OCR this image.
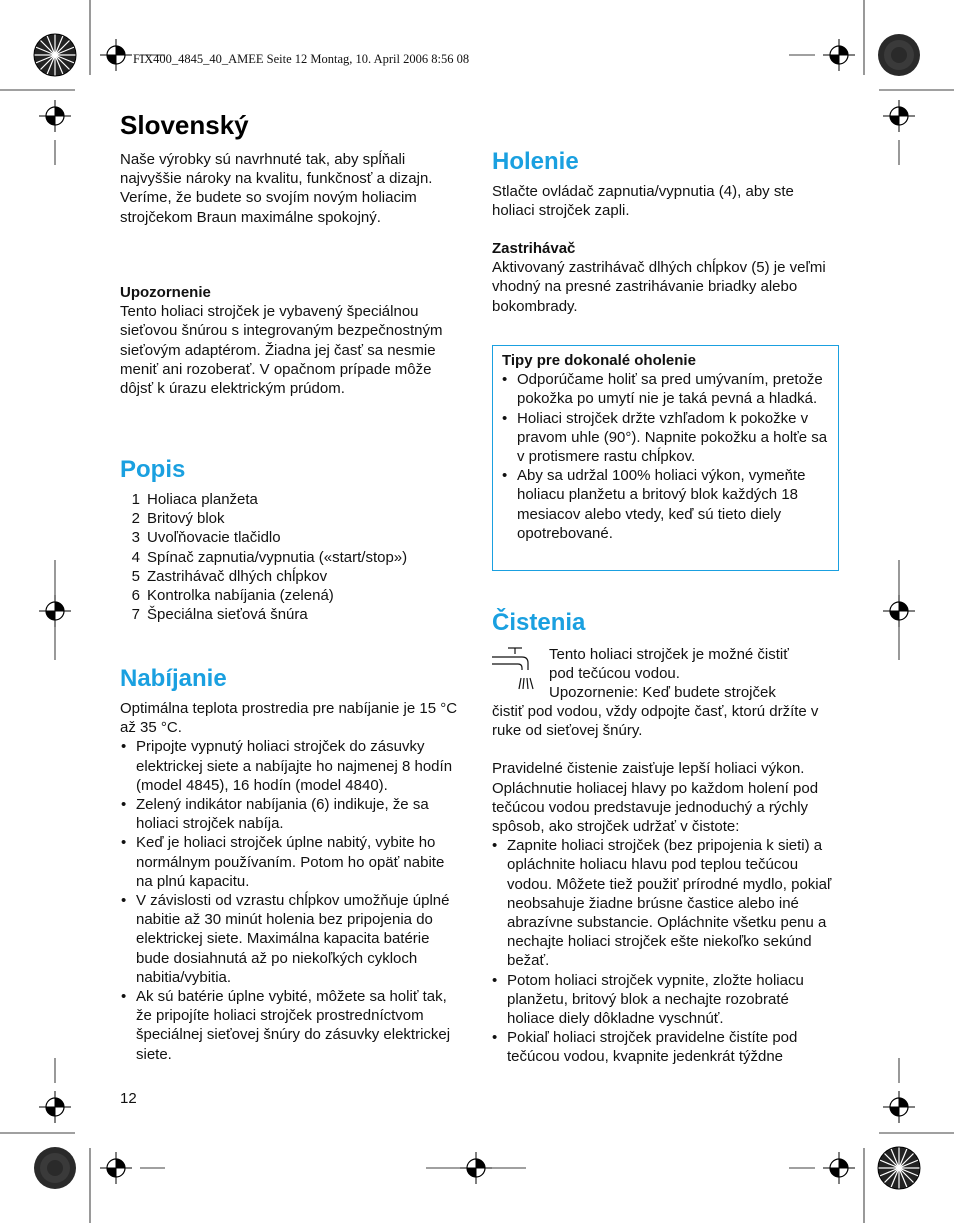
FIX400_4845_40_AMEE Seite 12 Montag, 10. April 2006 8:56 08
Slovenský

Naše výrobky sú navrhnuté tak, aby spĺňali najvyššie nároky na kvalitu, funkčnosť a dizajn. Veríme, že budete so svojím novým holiacim strojčekom Braun maximálne spokojný.

Upozornenie

Tento holiaci strojček je vybavený špeciálnou sieťovou šnúrou s integrovaným bezpečnostným sieťovým adaptérom. Žiadna jej časť sa nesmie meniť ani rozoberať. V opačnom prípade môže dôjsť k úrazu elektrickým prúdom.

Popis
1 Holiaca planžeta
2 Britový blok
3 Uvoľňovacie tlačidlo
4 Spínač zapnutia/vypnutia («start/stop»)
5 Zastrihávač dlhých chĺpkov
6 Kontrolka nabíjania (zelená)
7 Špeciálna sieťová šnúra
Nabíjanie

Optimálna teplota prostredia pre nabíjanie je 15 °C až 35 °C.

• Pripojte vypnutý holiaci strojček do zásuvky elektrickej siete a nabíjajte ho najmenej 8 hodín (model 4845), 16 hodín (model 4840).
• Zelený indikátor nabíjania (6) indikuje, že sa holiaci strojček nabíja.
• Keď je holiaci strojček úplne nabitý, vybite ho normálnym používaním. Potom ho opäť nabite na plnú kapacitu.
• V závislosti od vzrastu chĺpkov umožňuje úplné nabitie až 30 minút holenia bez pripojenia do elektrickej siete. Maximálna kapacita batérie bude dosiahnutá až po niekoľkých cykloch nabitia/vybitia.
• Ak sú batérie úplne vybité, môžete sa holiť tak, že pripojíte holiaci strojček prostredníctvom špeciálnej sieťovej šnúry do zásuvky elektrickej siete.
12
Holenie

Stlačte ovládač zapnutia/vypnutia (4), aby ste holiaci strojček zapli.

Zastrihávač

Aktivovaný zastrihávač dlhých chĺpkov (5) je veľmi vhodný na presné zastrihávanie briadky alebo bokombrady.

Tipy pre dokonalé oholenie

• Odporúčame holiť sa pred umývaním, pretože pokožka po umytí nie je taká pevná a hladká.
• Holiaci strojček držte vzhľadom k pokožke v pravom uhle (90°). Napnite pokožku a holťe sa v protismere rastu chĺpkov.
• Aby sa udržal 100% holiaci výkon, vymeňte holiacu planžetu a britový blok každých 18 mesiacov alebo vtedy, keď sú tieto diely opotrebované.
Čistenia

Tento holiaci strojček je možné čistiť

pod tečúcou vodou.

Upozornenie: Keď budete strojček

čistiť pod vodou, vždy odpojte časť, ktorú držíte v ruke od sieťovej šnúry.

Pravidelné čistenie zaisťuje lepší holiaci výkon. Opláchnutie holiacej hlavy po každom holení pod tečúcou vodou predstavuje jednoduchý a rýchly spôsob, ako strojček udržať v čistote:

• Zapnite holiaci strojček (bez pripojenia k sieti) a opláchnite holiacu hlavu pod teplou tečúcou vodou. Môžete tiež použiť prírodné mydlo, pokiaľ neobsahuje žiadne brúsne častice alebo iné abrazívne substancie. Opláchnite všetku penu a nechajte holiaci strojček ešte niekoľko sekúnd bežať.
• Potom holiaci strojček vypnite, zložte holiacu planžetu, britový blok a nechajte rozobraté holiace diely dôkladne vyschnúť.
• Pokiaľ holiaci strojček pravidelne čistíte pod tečúcou vodou, kvapnite jedenkrát týždne
